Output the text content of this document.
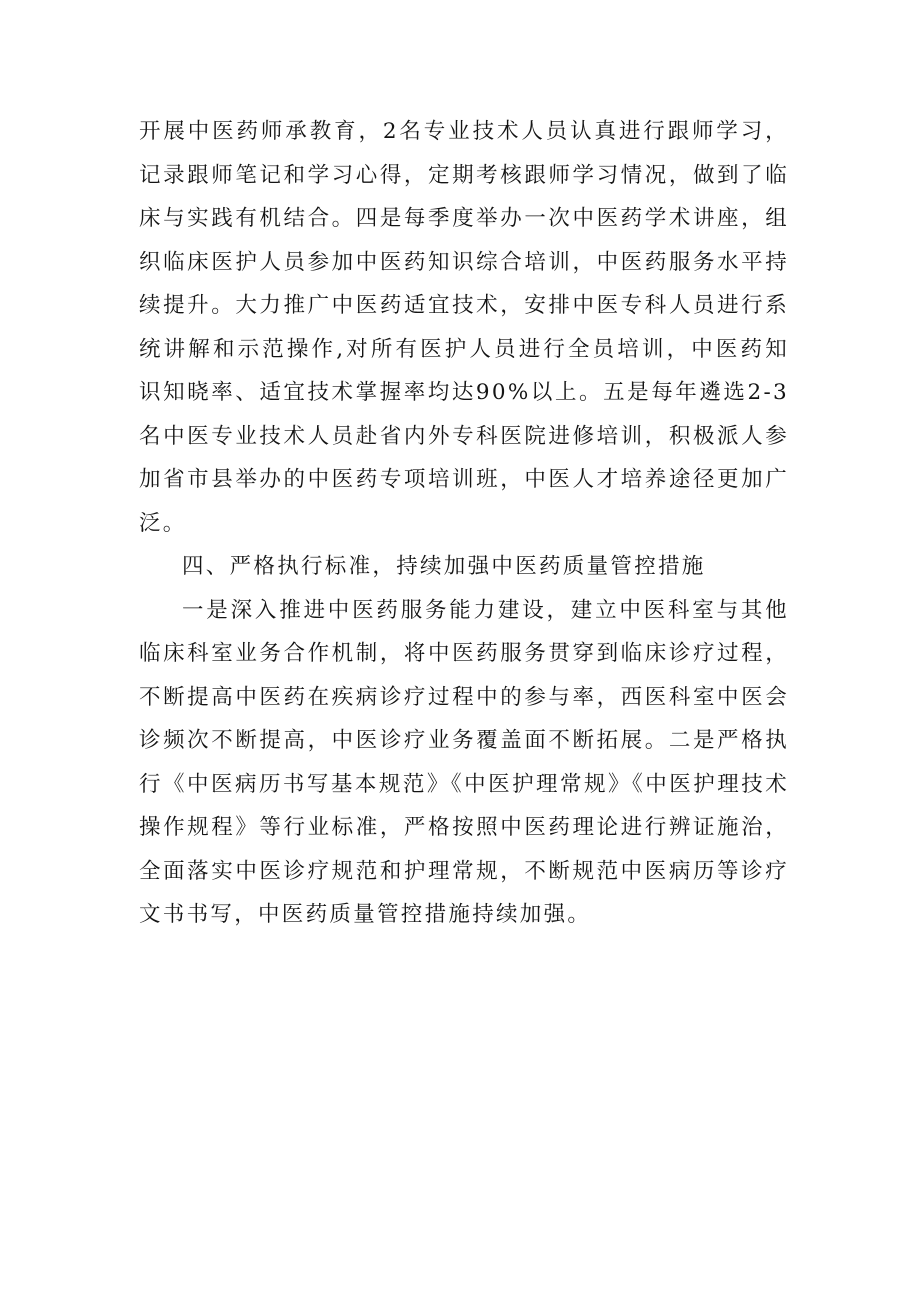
开展中医药师承教育，2名专业技术人员认真进行跟师学习，记录跟师笔记和学习心得，定期考核跟师学习情况，做到了临床与实践有机结合。四是每季度举办一次中医药学术讲座，组织临床医护人员参加中医药知识综合培训，中医药服务水平持续提升。大力推广中医药适宜技术，安排中医专科人员进行系统讲解和示范操作,对所有医护人员进行全员培训，中医药知识知晓率、适宜技术掌握率均达90%以上。五是每年遴选2-3名中医专业技术人员赴省内外专科医院进修培训，积极派人参加省市县举办的中医药专项培训班，中医人才培养途径更加广泛。

四、严格执行标准，持续加强中医药质量管控措施

一是深入推进中医药服务能力建设，建立中医科室与其他临床科室业务合作机制，将中医药服务贯穿到临床诊疗过程，不断提高中医药在疾病诊疗过程中的参与率，西医科室中医会诊频次不断提高，中医诊疗业务覆盖面不断拓展。二是严格执行《中医病历书写基本规范》《中医护理常规》《中医护理技术操作规程》等行业标准，严格按照中医药理论进行辨证施治，全面落实中医诊疗规范和护理常规，不断规范中医病历等诊疗文书书写，中医药质量管控措施持续加强。
